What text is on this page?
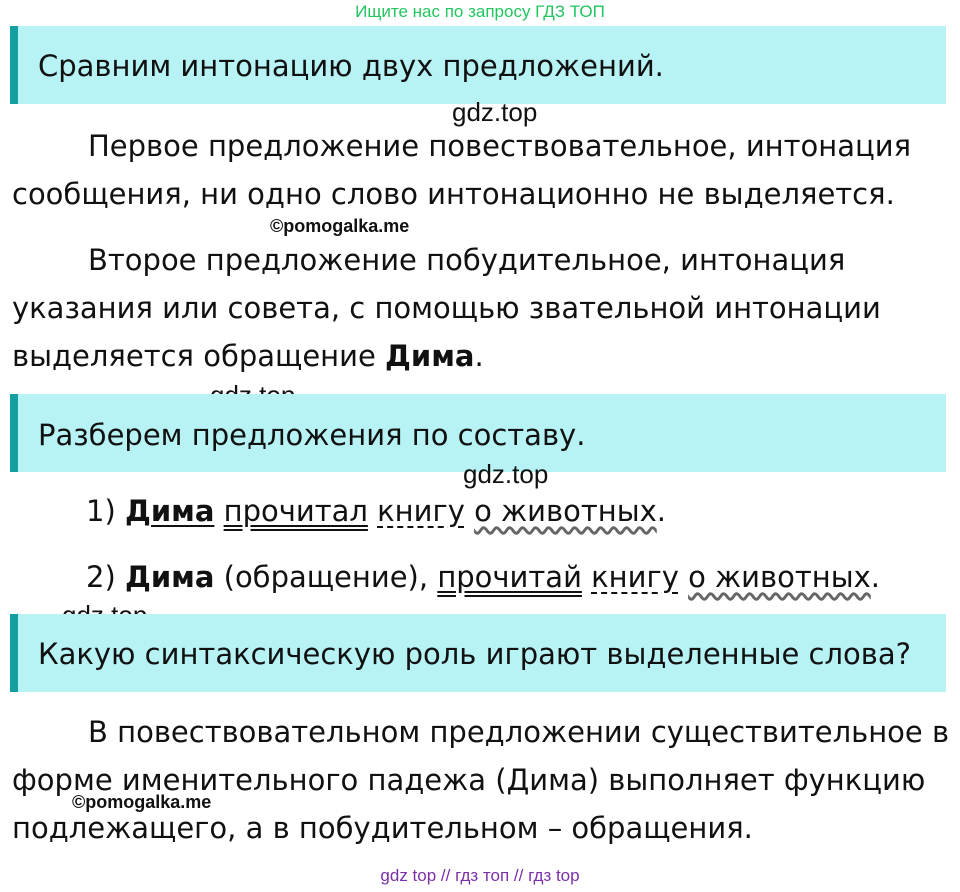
Ищите нас по запросу ГДЗ ТОП
Сравним интонацию двух предложений.
gdz.top
Первое предложение повествовательное, интонация сообщения, ни одно слово интонационно не выделяется.
©pomogalka.me
Второе предложение побудительное, интонация указания или совета, с помощью звательной интонации выделяется обращение Дима.
Разберем предложения по составу.
gdz.top
1) Дима прочитал книгу о животных.
2) Дима (обращение), прочитай книгу о животных.
Какую синтаксическую роль играют выделенные слова?
В повествовательном предложении существительное в форме именительного падежа (Дима) выполняет функцию подлежащего, а в побудительном – обращения.
©pomogalka.me
gdz top // гдз топ // гдз top
